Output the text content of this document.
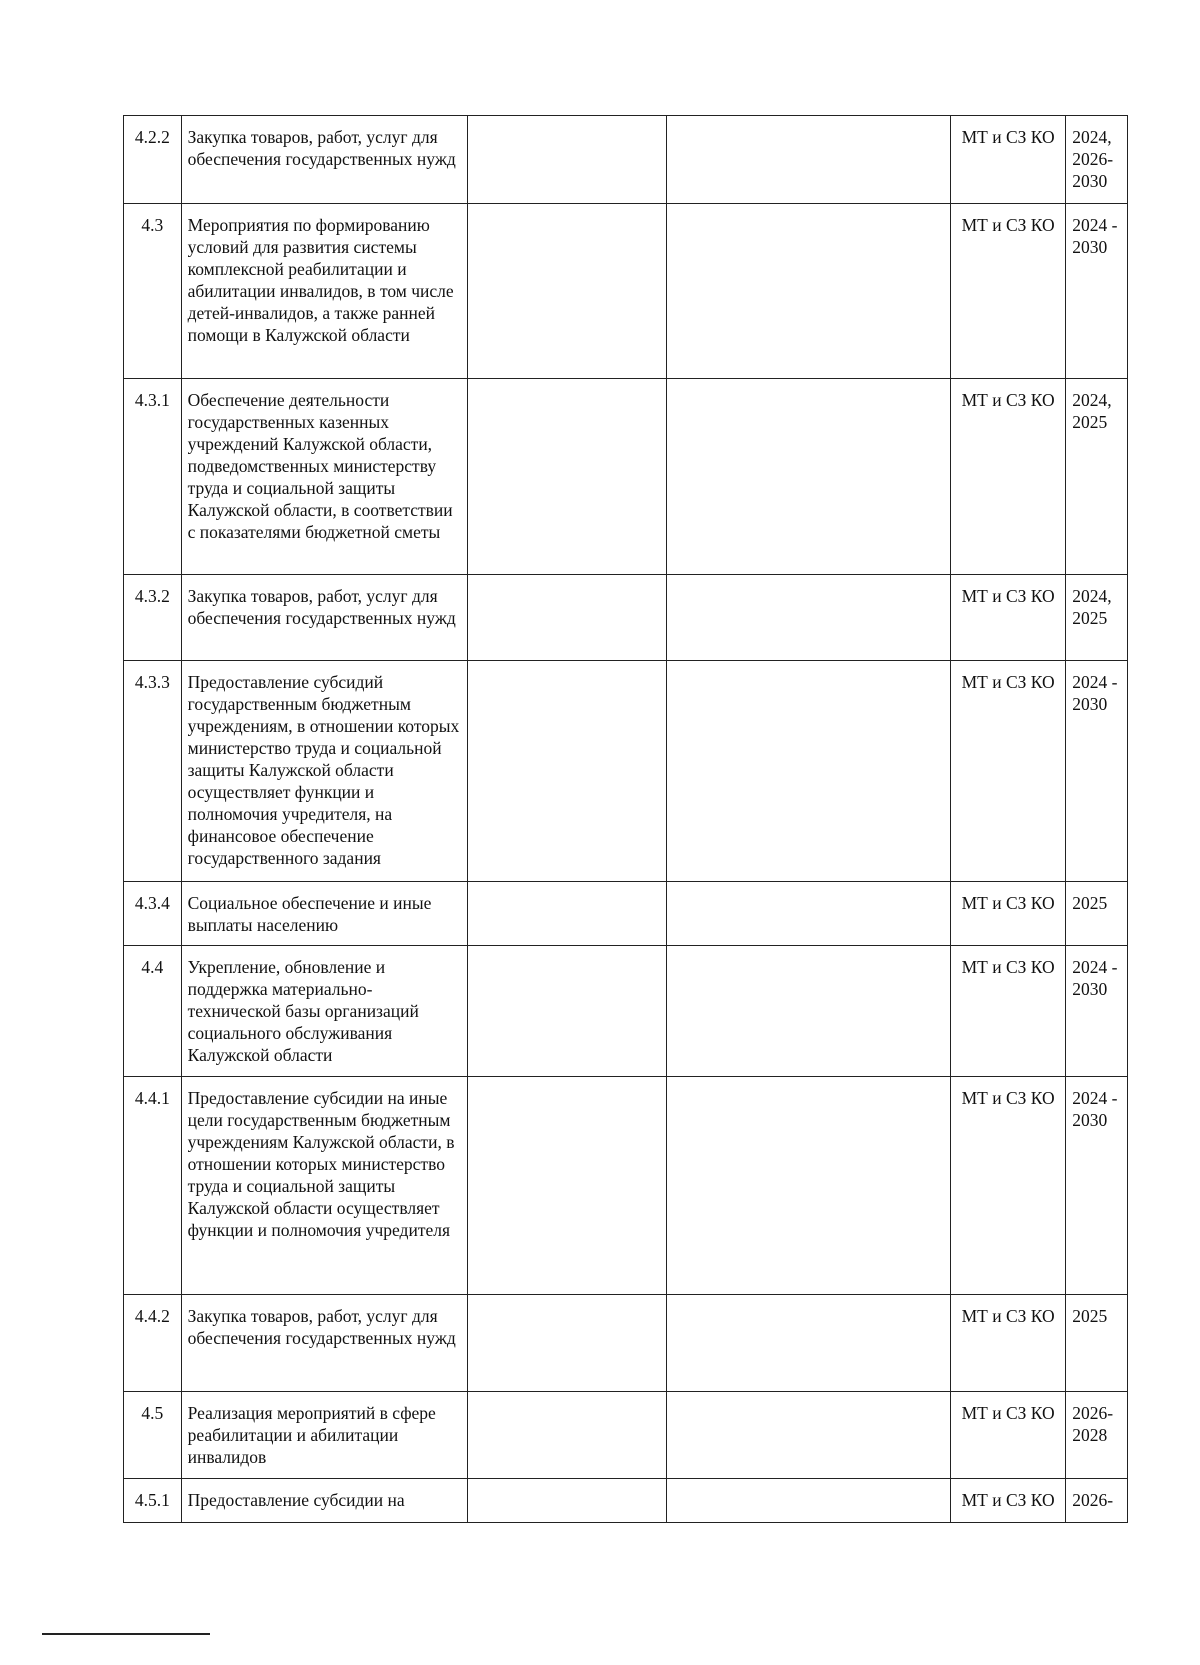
4.2.2	Закупка товаров, работ, услуг для обеспечения государственных нужд			МТ и СЗ КО	2024,
2026-
2030

4.3	Мероприятия по формированию условий для развития системы комплексной реабилитации и абилитации инвалидов, в том числе детей-инвалидов, а также ранней помощи в Калужской области			МТ и СЗ КО	2024 -
2030

4.3.1	Обеспечение деятельности государственных казенных учреждений Калужской области, подведомственных министерству труда и социальной защиты Калужской области, в соответствии с показателями бюджетной сметы			МТ и СЗ КО	2024,
2025

4.3.2	Закупка товаров, работ, услуг для обеспечения государственных нужд			МТ и СЗ КО	2024,
2025

4.3.3	Предоставление субсидий государственным бюджетным учреждениям, в отношении которых министерство труда и социальной защиты Калужской области осуществляет функции и полномочия учредителя, на финансовое обеспечение государственного задания			МТ и СЗ КО	2024 -
2030

4.3.4	Социальное обеспечение и иные выплаты населению			МТ и СЗ КО	2025

4.4	Укрепление, обновление и поддержка материально-технической базы организаций социального обслуживания Калужской области			МТ и СЗ КО	2024 -
2030

4.4.1	Предоставление субсидии на иные цели государственным бюджетным учреждениям Калужской области, в отношении которых министерство труда и социальной защиты Калужской области осуществляет функции и полномочия учредителя			МТ и СЗ КО	2024 -
2030

4.4.2	Закупка товаров, работ, услуг для обеспечения государственных нужд			МТ и СЗ КО	2025

4.5	Реализация мероприятий в сфере реабилитации и абилитации инвалидов			МТ и СЗ КО	2026-
2028

4.5.1	Предоставление субсидии на			МТ и СЗ КО	2026-
